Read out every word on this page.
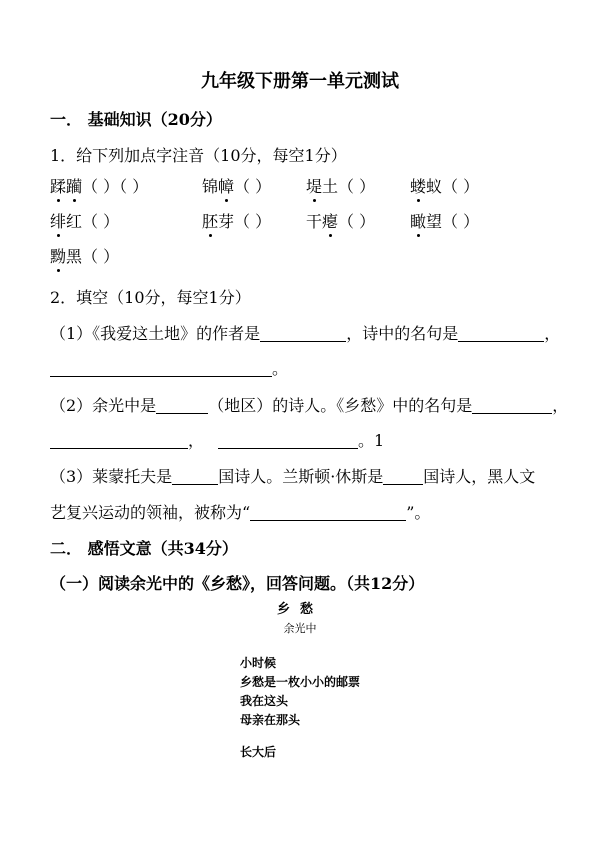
九年级下册第一单元测试
一． 基础知识（20分）
1．给下列加点字注音（10分，每空1分）
蹂躏（ ）（ ）	锦幛（ ） 堤土（ ） 蝼蚁（ ）
绯红（ ）	胚芽（ ） 干瘪（ ） 瞰望（ ）
黝黑（ ）
2．填空（10分，每空1分）
（1）《我爱这土地》的作者是	，诗中的名句是	，
。
（2）余光中是	（地区）的诗人。《乡愁》中的名句是	，
，	。1
（3）莱蒙托夫是	国诗人。兰斯顿·休斯是	国诗人，黑人文
艺复兴运动的领袖，被称为“	”。
二． 感悟文意（共34分）
（一）阅读余光中的《乡愁》，回答问题。（共12分）
乡愁
余光中
小时候
乡愁是一枚小小的邮票
我在这头
母亲在那头
长大后
